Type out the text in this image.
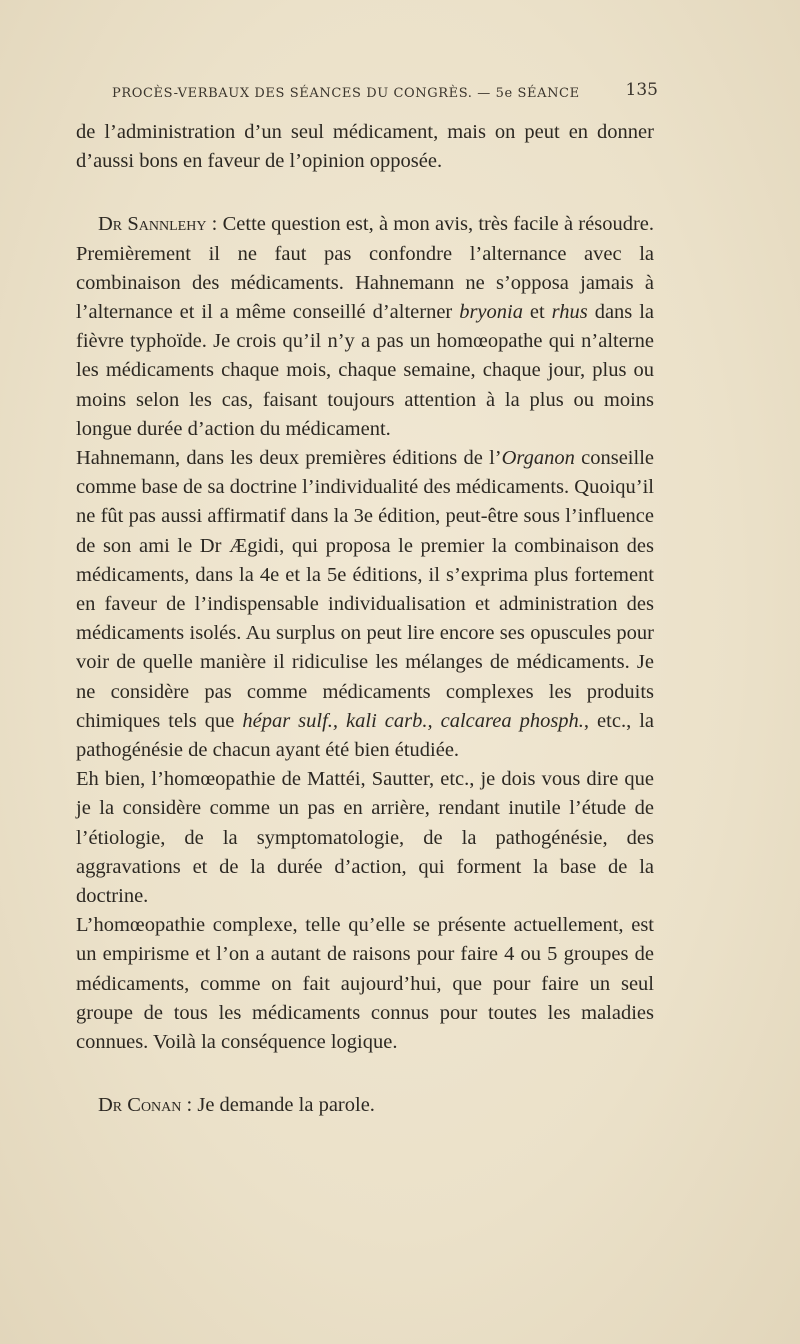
PROCÈS-VERBAUX DES SÉANCES DU CONGRÈS. — 5e SÉANCE	135

de l’administration d’un seul médicament, mais on peut en donner d’aussi bons en faveur de l’opinion opposée.

Dr Sannlehy : Cette question est, à mon avis, très facile à résoudre. Premièrement il ne faut pas confondre l’alternance avec la combinaison des médicaments. Hahnemann ne s’opposa jamais à l’alternance et il a même conseillé d’alterner bryonia et rhus dans la fièvre typhoïde. Je crois qu’il n’y a pas un homœopathe qui n’alterne les médicaments chaque mois, chaque semaine, chaque jour, plus ou moins selon les cas, faisant toujours attention à la plus ou moins longue durée d’action du médicament.

Hahnemann, dans les deux premières éditions de l’Organon conseille comme base de sa doctrine l’individualité des médicaments. Quoiqu’il ne fût pas aussi affirmatif dans la 3e édition, peut-être sous l’influence de son ami le Dr Ægidi, qui proposa le premier la combinaison des médicaments, dans la 4e et la 5e éditions, il s’exprima plus fortement en faveur de l’indispensable individualisation et administration des médicaments isolés. Au surplus on peut lire encore ses opuscules pour voir de quelle manière il ridiculise les mélanges de médicaments. Je ne considère pas comme médicaments complexes les produits chimiques tels que hépar sulf., kali carb., calcarea phosph., etc., la pathogénésie de chacun ayant été bien étudiée.

Eh bien, l’homœopathie de Mattéi, Sautter, etc., je dois vous dire que je la considère comme un pas en arrière, rendant inutile l’étude de l’étiologie, de la symptomatologie, de la pathogénésie, des aggravations et de la durée d’action, qui forment la base de la doctrine.

L’homœopathie complexe, telle qu’elle se présente actuellement, est un empirisme et l’on a autant de raisons pour faire 4 ou 5 groupes de médicaments, comme on fait aujourd’hui, que pour faire un seul groupe de tous les médicaments connus pour toutes les maladies connues. Voilà la conséquence logique.

Dr Conan : Je demande la parole.
